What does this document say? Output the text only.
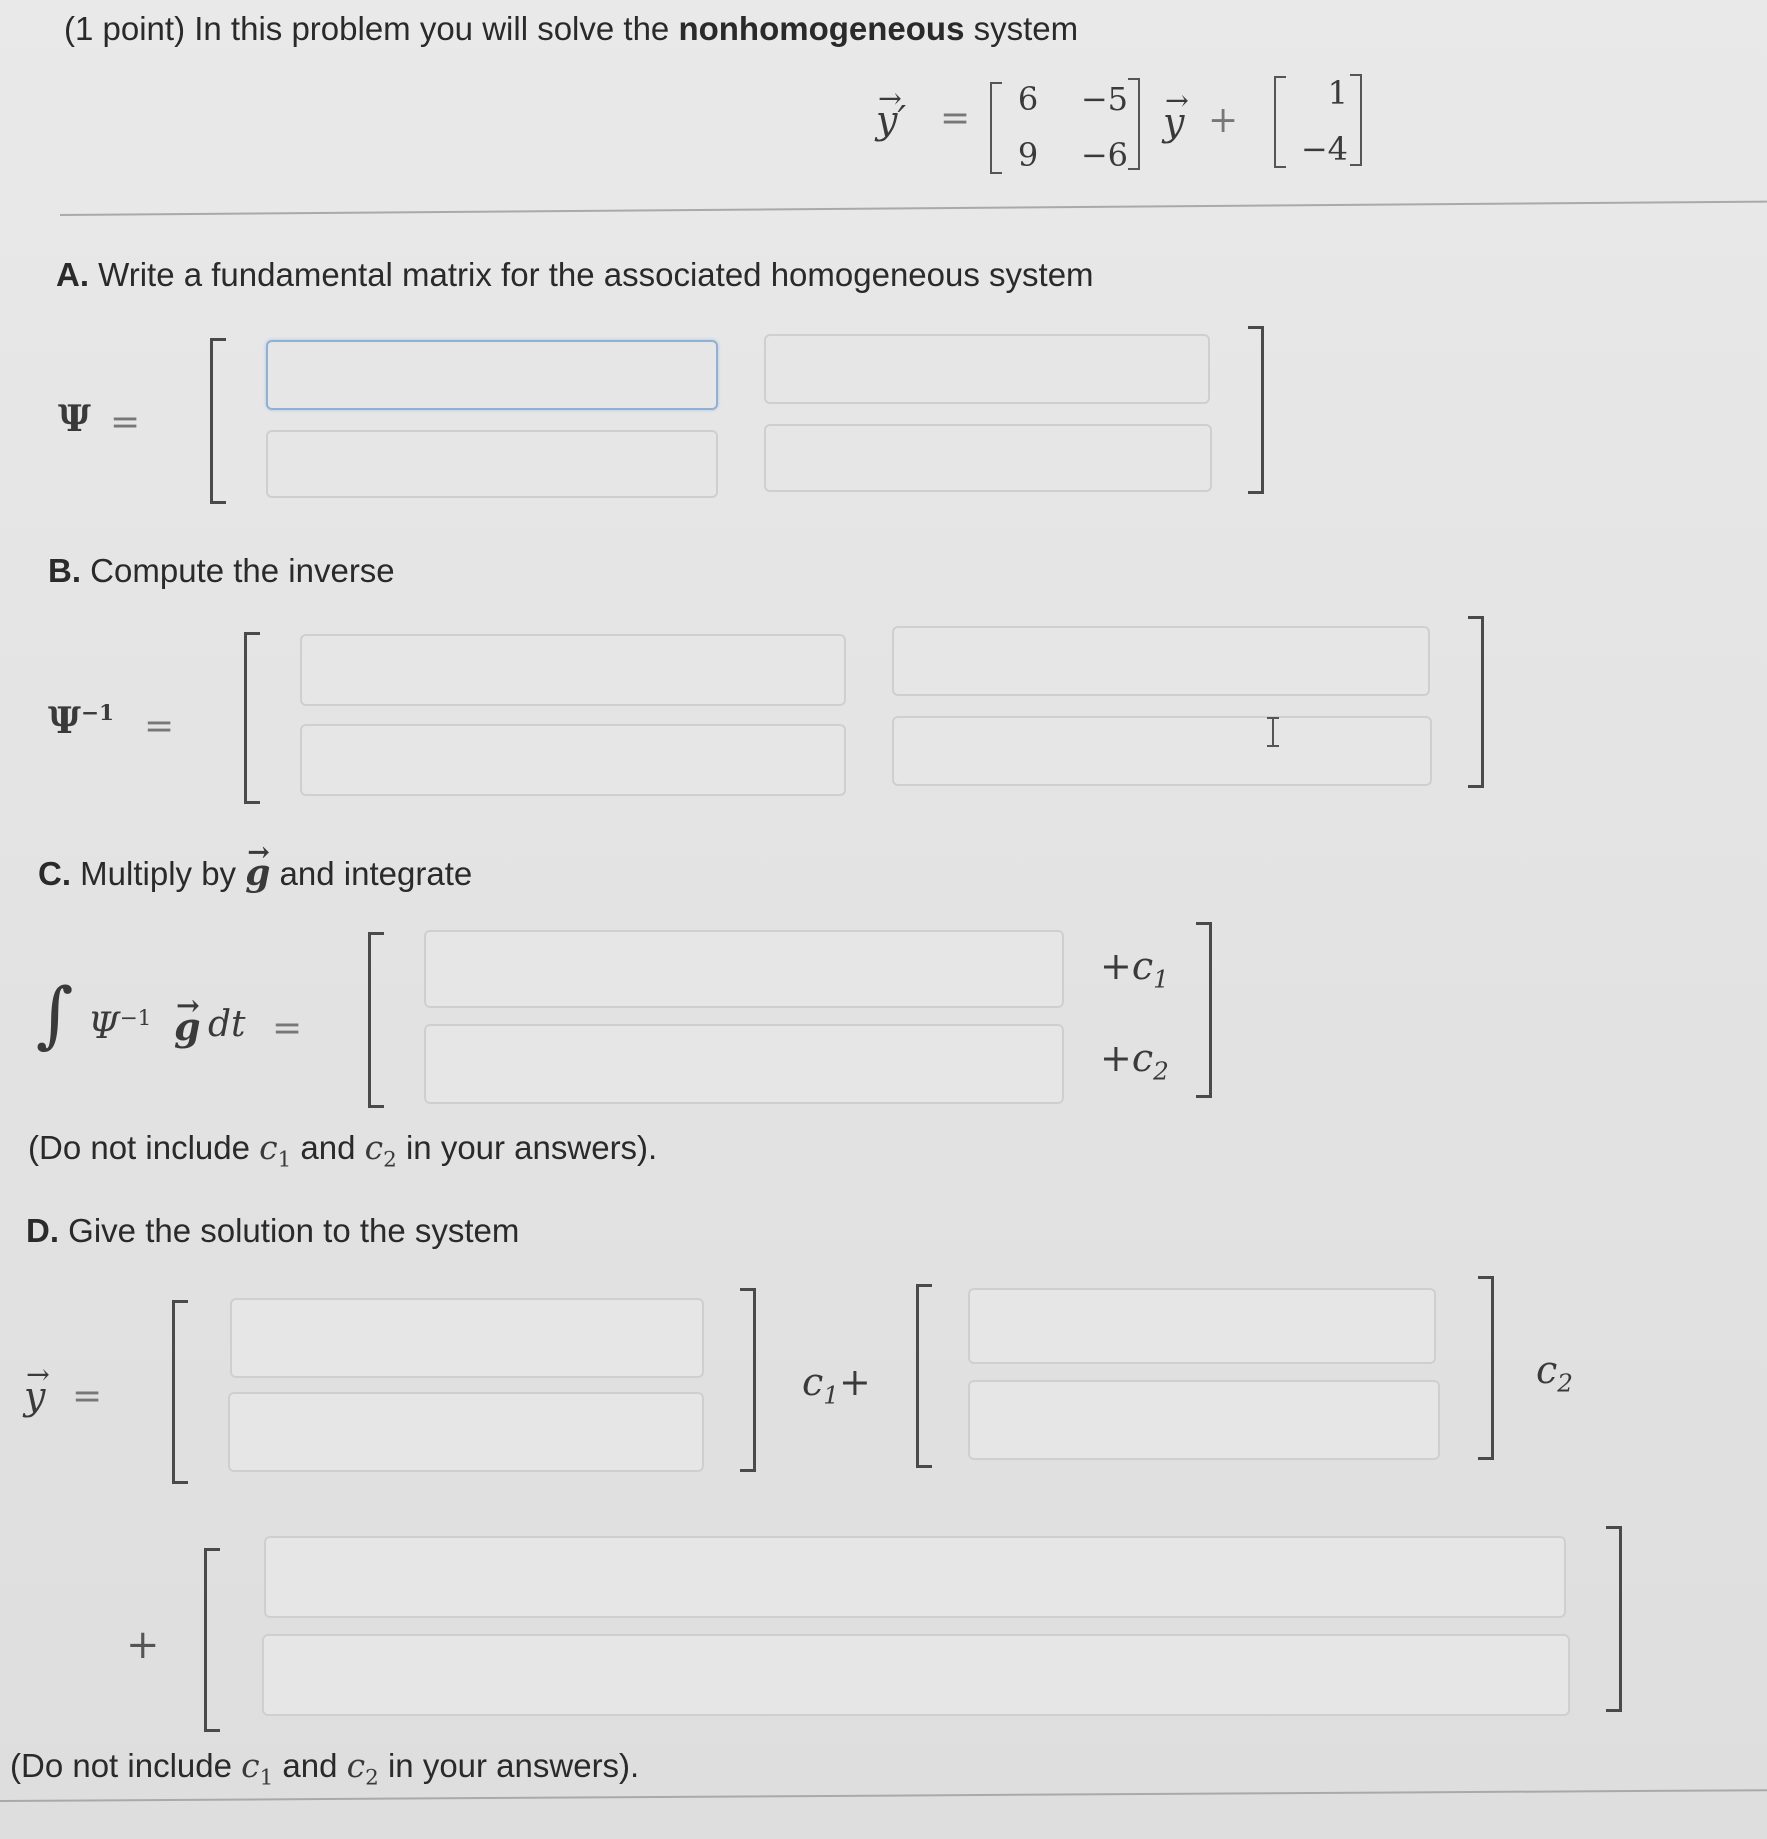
(1 point) In this problem you will solve the nonhomogeneous system
→ y′ =	6	−5
9	−6
→ y +
1
−4
A. Write a fundamental matrix for the associated homogeneous system
Ψ =
B. Compute the inverse
$\Psi^{-1}$ =
C. Multiply by → g and integrate
∫ $\Psi^{-1}$
→ g dt =
$+c_1$
$+c_2$
(Do not include $c_1$ and $c_2$ in your answers).
D. Give the solution to the system
→ y =	$c_1+$	$c_2$
+
(Do not include $c_1$ and $c_2$ in your answers).
